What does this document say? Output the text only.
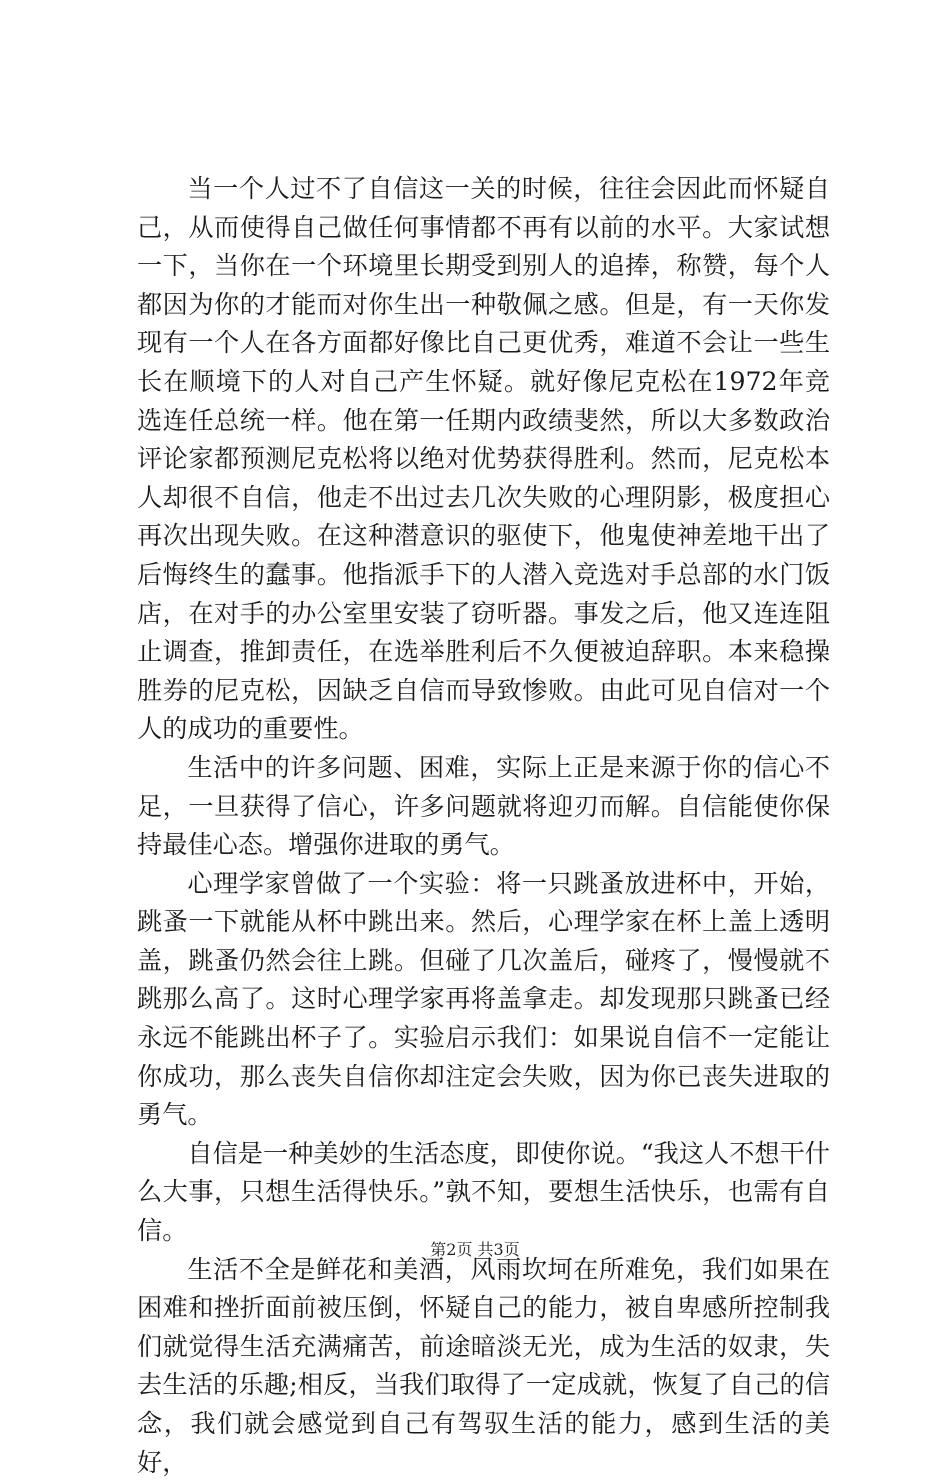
当一个人过不了自信这一关的时候，往往会因此而怀疑自己，从而使得自己做任何事情都不再有以前的水平。大家试想一下，当你在一个环境里长期受到别人的追捧，称赞，每个人都因为你的才能而对你生出一种敬佩之感。但是，有一天你发现有一个人在各方面都好像比自己更优秀，难道不会让一些生长在顺境下的人对自己产生怀疑。就好像尼克松在1972年竞选连任总统一样。他在第一任期内政绩斐然，所以大多数政治评论家都预测尼克松将以绝对优势获得胜利。然而，尼克松本人却很不自信，他走不出过去几次失败的心理阴影，极度担心再次出现失败。在这种潜意识的驱使下，他鬼使神差地干出了后悔终生的蠢事。他指派手下的人潜入竞选对手总部的水门饭店，在对手的办公室里安装了窃听器。事发之后，他又连连阻止调查，推卸责任，在选举胜利后不久便被迫辞职。本来稳操胜券的尼克松，因缺乏自信而导致惨败。由此可见自信对一个人的成功的重要性。

生活中的许多问题、困难，实际上正是来源于你的信心不足，一旦获得了信心，许多问题就将迎刃而解。自信能使你保持最佳心态。增强你进取的勇气。

心理学家曾做了一个实验：将一只跳蚤放进杯中，开始，跳蚤一下就能从杯中跳出来。然后，心理学家在杯上盖上透明盖，跳蚤仍然会往上跳。但碰了几次盖后，碰疼了，慢慢就不跳那么高了。这时心理学家再将盖拿走。却发现那只跳蚤已经永远不能跳出杯子了。实验启示我们：如果说自信不一定能让你成功，那么丧失自信你却注定会失败，因为你已丧失进取的勇气。

自信是一种美妙的生活态度，即使你说。“我这人不想干什么大事，只想生活得快乐。”孰不知，要想生活快乐，也需有自信。

生活不全是鲜花和美酒，风雨坎坷在所难免，我们如果在困难和挫折面前被压倒，怀疑自己的能力，被自卑感所控制我们就觉得生活充满痛苦，前途暗淡无光，成为生活的奴隶，失去生活的乐趣;相反，当我们取得了一定成就，恢复了自己的信念，我们就会感觉到自己有驾驭生活的能力，感到生活的美好，

第2页 共3页
